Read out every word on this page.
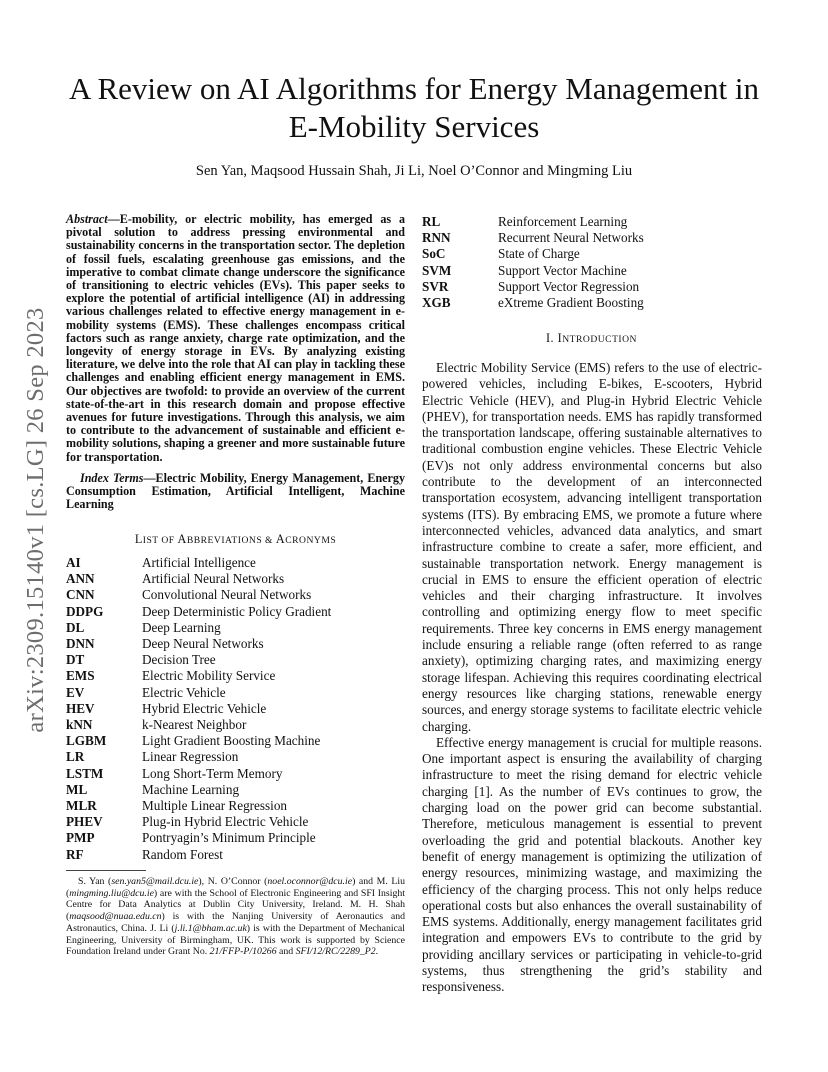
A Review on AI Algorithms for Energy Management in E-Mobility Services
Sen Yan, Maqsood Hussain Shah, Ji Li, Noel O’Connor and Mingming Liu
arXiv:2309.15140v1 [cs.LG] 26 Sep 2023
Abstract—E-mobility, or electric mobility, has emerged as a pivotal solution to address pressing environmental and sustainability concerns in the transportation sector. The depletion of fossil fuels, escalating greenhouse gas emissions, and the imperative to combat climate change underscore the significance of transitioning to electric vehicles (EVs). This paper seeks to explore the potential of artificial intelligence (AI) in addressing various challenges related to effective energy management in e-mobility systems (EMS). These challenges encompass critical factors such as range anxiety, charge rate optimization, and the longevity of energy storage in EVs. By analyzing existing literature, we delve into the role that AI can play in tackling these challenges and enabling efficient energy management in EMS. Our objectives are twofold: to provide an overview of the current state-of-the-art in this research domain and propose effective avenues for future investigations. Through this analysis, we aim to contribute to the advancement of sustainable and efficient e-mobility solutions, shaping a greener and more sustainable future for transportation.
Index Terms—Electric Mobility, Energy Management, Energy Consumption Estimation, Artificial Intelligent, Machine Learning
LIST OF ABBREVIATIONS & ACRONYMS
AI	Artificial Intelligence
ANN	Artificial Neural Networks
CNN	Convolutional Neural Networks
DDPG	Deep Deterministic Policy Gradient
DL	Deep Learning
DNN	Deep Neural Networks
DT	Decision Tree
EMS	Electric Mobility Service
EV	Electric Vehicle
HEV	Hybrid Electric Vehicle
kNN	k-Nearest Neighbor
LGBM	Light Gradient Boosting Machine
LR	Linear Regression
LSTM	Long Short-Term Memory
ML	Machine Learning
MLR	Multiple Linear Regression
PHEV	Plug-in Hybrid Electric Vehicle
PMP	Pontryagin’s Minimum Principle
RF	Random Forest
RL	Reinforcement Learning
RNN	Recurrent Neural Networks
SoC	State of Charge
SVM	Support Vector Machine
SVR	Support Vector Regression
XGB	eXtreme Gradient Boosting
I. INTRODUCTION

Electric Mobility Service (EMS) refers to the use of electric-powered vehicles, including E-bikes, E-scooters, Hybrid Electric Vehicle (HEV), and Plug-in Hybrid Electric Vehicle (PHEV), for transportation needs. EMS has rapidly transformed the transportation landscape, offering sustainable alternatives to traditional combustion engine vehicles. These Electric Vehicle (EV)s not only address environmental concerns but also contribute to the development of an interconnected transportation ecosystem, advancing intelligent transportation systems (ITS). By embracing EMS, we promote a future where interconnected vehicles, advanced data analytics, and smart infrastructure combine to create a safer, more efficient, and sustainable transportation network. Energy management is crucial in EMS to ensure the efficient operation of electric vehicles and their charging infrastructure. It involves controlling and optimizing energy flow to meet specific requirements. Three key concerns in EMS energy management include ensuring a reliable range (often referred to as range anxiety), optimizing charging rates, and maximizing energy storage lifespan. Achieving this requires coordinating electrical energy resources like charging stations, renewable energy sources, and energy storage systems to facilitate electric vehicle charging.

Effective energy management is crucial for multiple reasons. One important aspect is ensuring the availability of charging infrastructure to meet the rising demand for electric vehicle charging [1]. As the number of EVs continues to grow, the charging load on the power grid can become substantial. Therefore, meticulous management is essential to prevent overloading the grid and potential blackouts. Another key benefit of energy management is optimizing the utilization of energy resources, minimizing wastage, and maximizing the efficiency of the charging process. This not only helps reduce operational costs but also enhances the overall sustainability of EMS systems. Additionally, energy management facilitates grid integration and empowers EVs to contribute to the grid by providing ancillary services or participating in vehicle-to-grid systems, thus strengthening the grid’s stability and responsiveness.

S. Yan (sen.yan5@mail.dcu.ie), N. O’Connor (noel.oconnor@dcu.ie) and M. Liu (mingming.liu@dcu.ie) are with the School of Electronic Engineering and SFI Insight Centre for Data Analytics at Dublin City University, Ireland. M. H. Shah (maqsood@nuaa.edu.cn) is with the Nanjing University of Aeronautics and Astronautics, China. J. Li (j.li.1@bham.ac.uk) is with the Department of Mechanical Engineering, University of Birmingham, UK. This work is supported by Science Foundation Ireland under Grant No. 21/FFP-P/10266 and SFI/12/RC/2289_P2.
